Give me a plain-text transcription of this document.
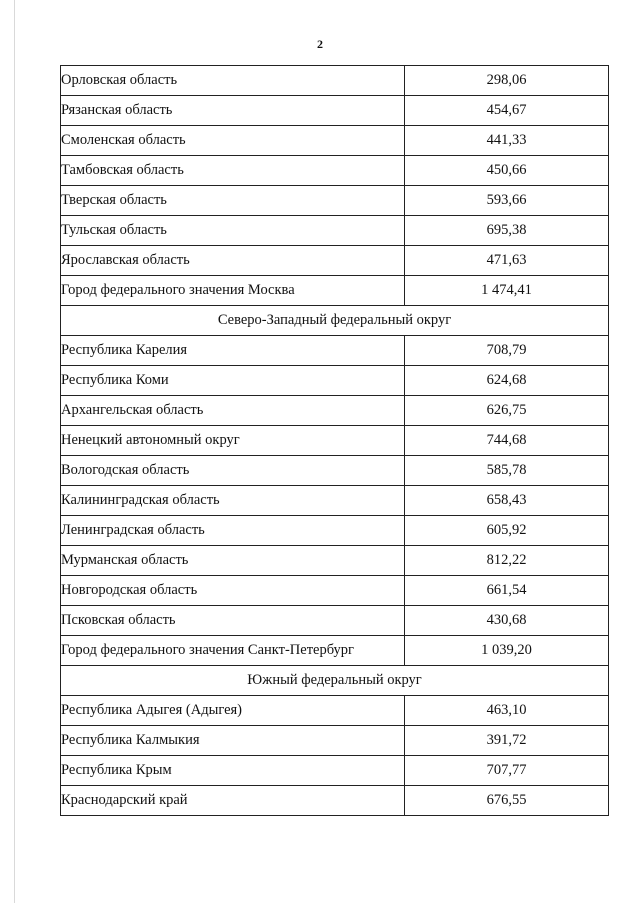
2
Орловская область	298,06
Рязанская область	454,67
Смоленская область	441,33
Тамбовская область	450,66
Тверская область	593,66
Тульская область	695,38
Ярославская область	471,63
Город федерального значения Москва	1 474,41
Северо-Западный федеральный округ	
Республика Карелия	708,79
Республика Коми	624,68
Архангельская область	626,75
Ненецкий автономный округ	744,68
Вологодская область	585,78
Калининградская область	658,43
Ленинградская область	605,92
Мурманская область	812,22
Новгородская область	661,54
Псковская область	430,68
Город федерального значения Санкт-Петербург	1 039,20
Южный федеральный округ	
Республика Адыгея (Адыгея)	463,10
Республика Калмыкия	391,72
Республика Крым	707,77
Краснодарский край	676,55
